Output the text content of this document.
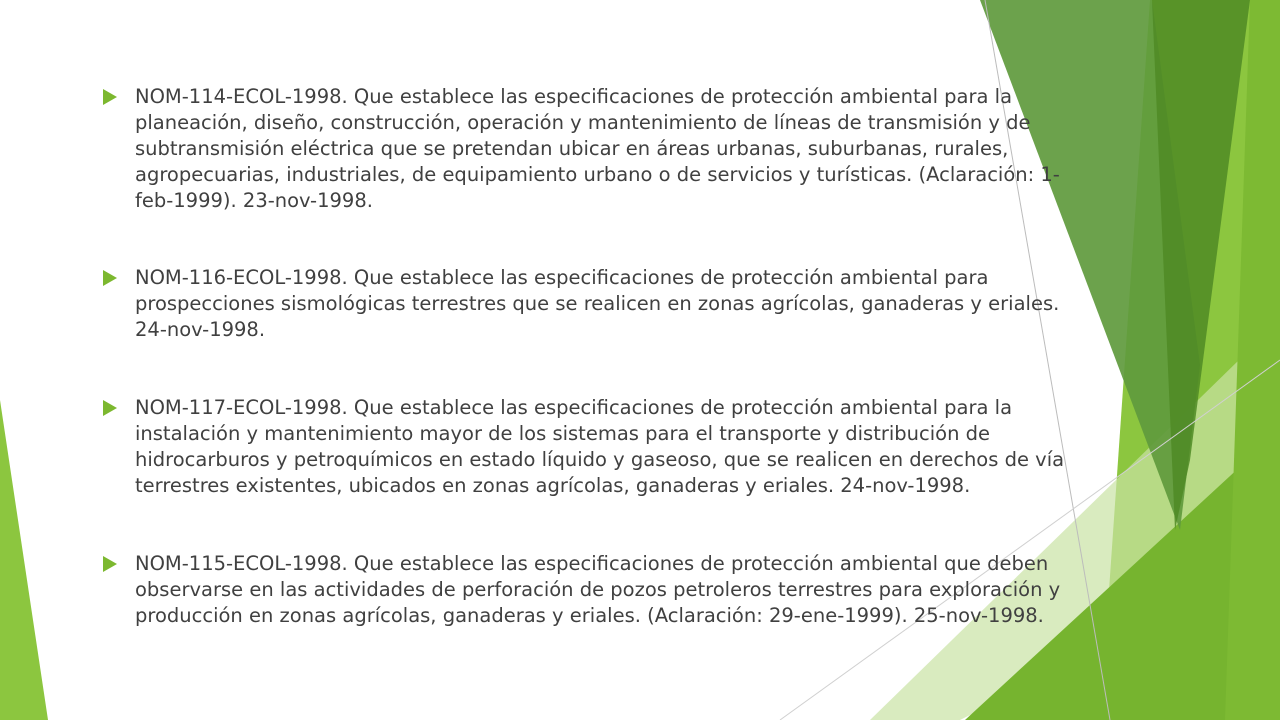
NOM-114-ECOL-1998. Que establece las especificaciones de protección ambiental para la
planeación, diseño, construcción, operación y mantenimiento de líneas de transmisión y de
subtransmisión eléctrica que se pretendan ubicar en áreas urbanas, suburbanas, rurales,
agropecuarias, industriales, de equipamiento urbano o de servicios y turísticas. (Aclaración: 1-
feb-1999). 23-nov-1998.

NOM-116-ECOL-1998. Que establece las especificaciones de protección ambiental para
prospecciones sismológicas terrestres que se realicen en zonas agrícolas, ganaderas y eriales.
24-nov-1998.

NOM-117-ECOL-1998. Que establece las especificaciones de protección ambiental para la
instalación y mantenimiento mayor de los sistemas para el transporte y distribución de
hidrocarburos y petroquímicos en estado líquido y gaseoso, que se realicen en derechos de vía
terrestres existentes, ubicados en zonas agrícolas, ganaderas y eriales. 24-nov-1998.

NOM-115-ECOL-1998. Que establece las especificaciones de protección ambiental que deben
observarse en las actividades de perforación de pozos petroleros terrestres para exploración y
producción en zonas agrícolas, ganaderas y eriales. (Aclaración: 29-ene-1999). 25-nov-1998.
